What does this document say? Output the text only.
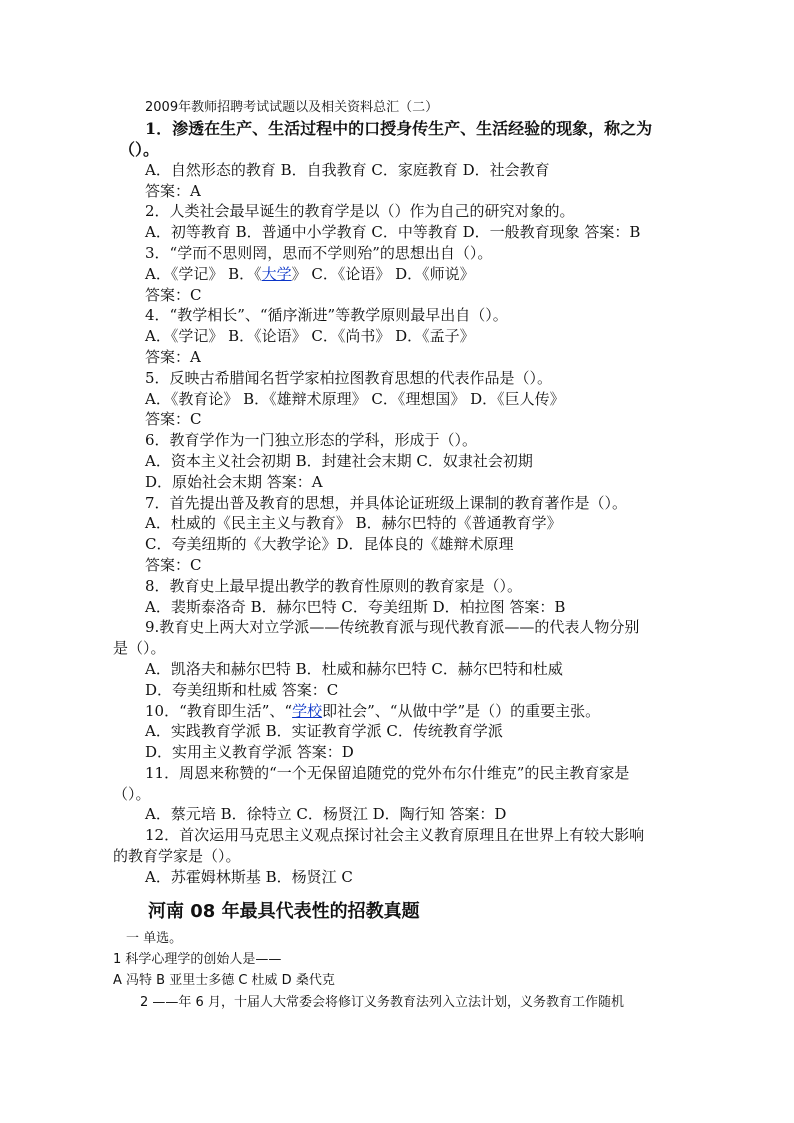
2009年教师招聘考试试题以及相关资料总汇（二）
1．渗透在生产、生活过程中的口授身传生产、生活经验的现象，称之为
（）。
A．自然形态的教育 B．自我教育 C．家庭教育 D．社会教育
答案：A
2．人类社会最早诞生的教育学是以（）作为自己的研究对象的。
A．初等教育 B．普通中小学教育 C．中等教育 D．一般教育现象 答案：B
3．“学而不思则罔，思而不学则殆”的思想出自（）。
A．《学记》 B．《大学》 C．《论语》 D．《师说》
答案：C
4．“教学相长”、“循序渐进”等教学原则最早出自（）。
A．《学记》 B．《论语》 C．《尚书》 D．《孟子》
答案：A
5．反映古希腊闻名哲学家柏拉图教育思想的代表作品是（）。
A．《教育论》 B．《雄辩术原理》 C．《理想国》 D．《巨人传》
答案：C
6．教育学作为一门独立形态的学科，形成于（）。
A．资本主义社会初期 B．封建社会末期 C．奴隶社会初期
D．原始社会末期 答案：A
7．首先提出普及教育的思想，并具体论证班级上课制的教育著作是（）。
A．杜威的《民主主义与教育》 B．赫尔巴特的《普通教育学》
C．夸美纽斯的《大教学论》D．昆体良的《雄辩术原理
答案：C
8．教育史上最早提出教学的教育性原则的教育家是（）。
A．裴斯泰洛奇 B．赫尔巴特 C．夸美纽斯 D．柏拉图 答案：B
9.教育史上两大对立学派——传统教育派与现代教育派——的代表人物分别
是（）。
A．凯洛夫和赫尔巴特 B．杜威和赫尔巴特 C．赫尔巴特和杜威
D．夸美纽斯和杜威 答案：C
10．“教育即生活”、“学校即社会”、“从做中学”是（）的重要主张。
A．实践教育学派 B．实证教育学派 C．传统教育学派
D．实用主义教育学派 答案：D
11．周恩来称赞的“一个无保留追随党的党外布尔什维克”的民主教育家是
（）。
A．蔡元培 B．徐特立 C．杨贤江 D．陶行知 答案：D
12．首次运用马克思主义观点探讨社会主义教育原理且在世界上有较大影响
的教育学家是（）。
A．苏霍姆林斯基 B．杨贤江 C
河南 08 年最具代表性的招教真题
一 单选。
1 科学心理学的创始人是——
A 冯特 B 亚里士多德 C 杜威 D 桑代克
2 ——年 6 月，十届人大常委会将修订义务教育法列入立法计划，义务教育工作随机
